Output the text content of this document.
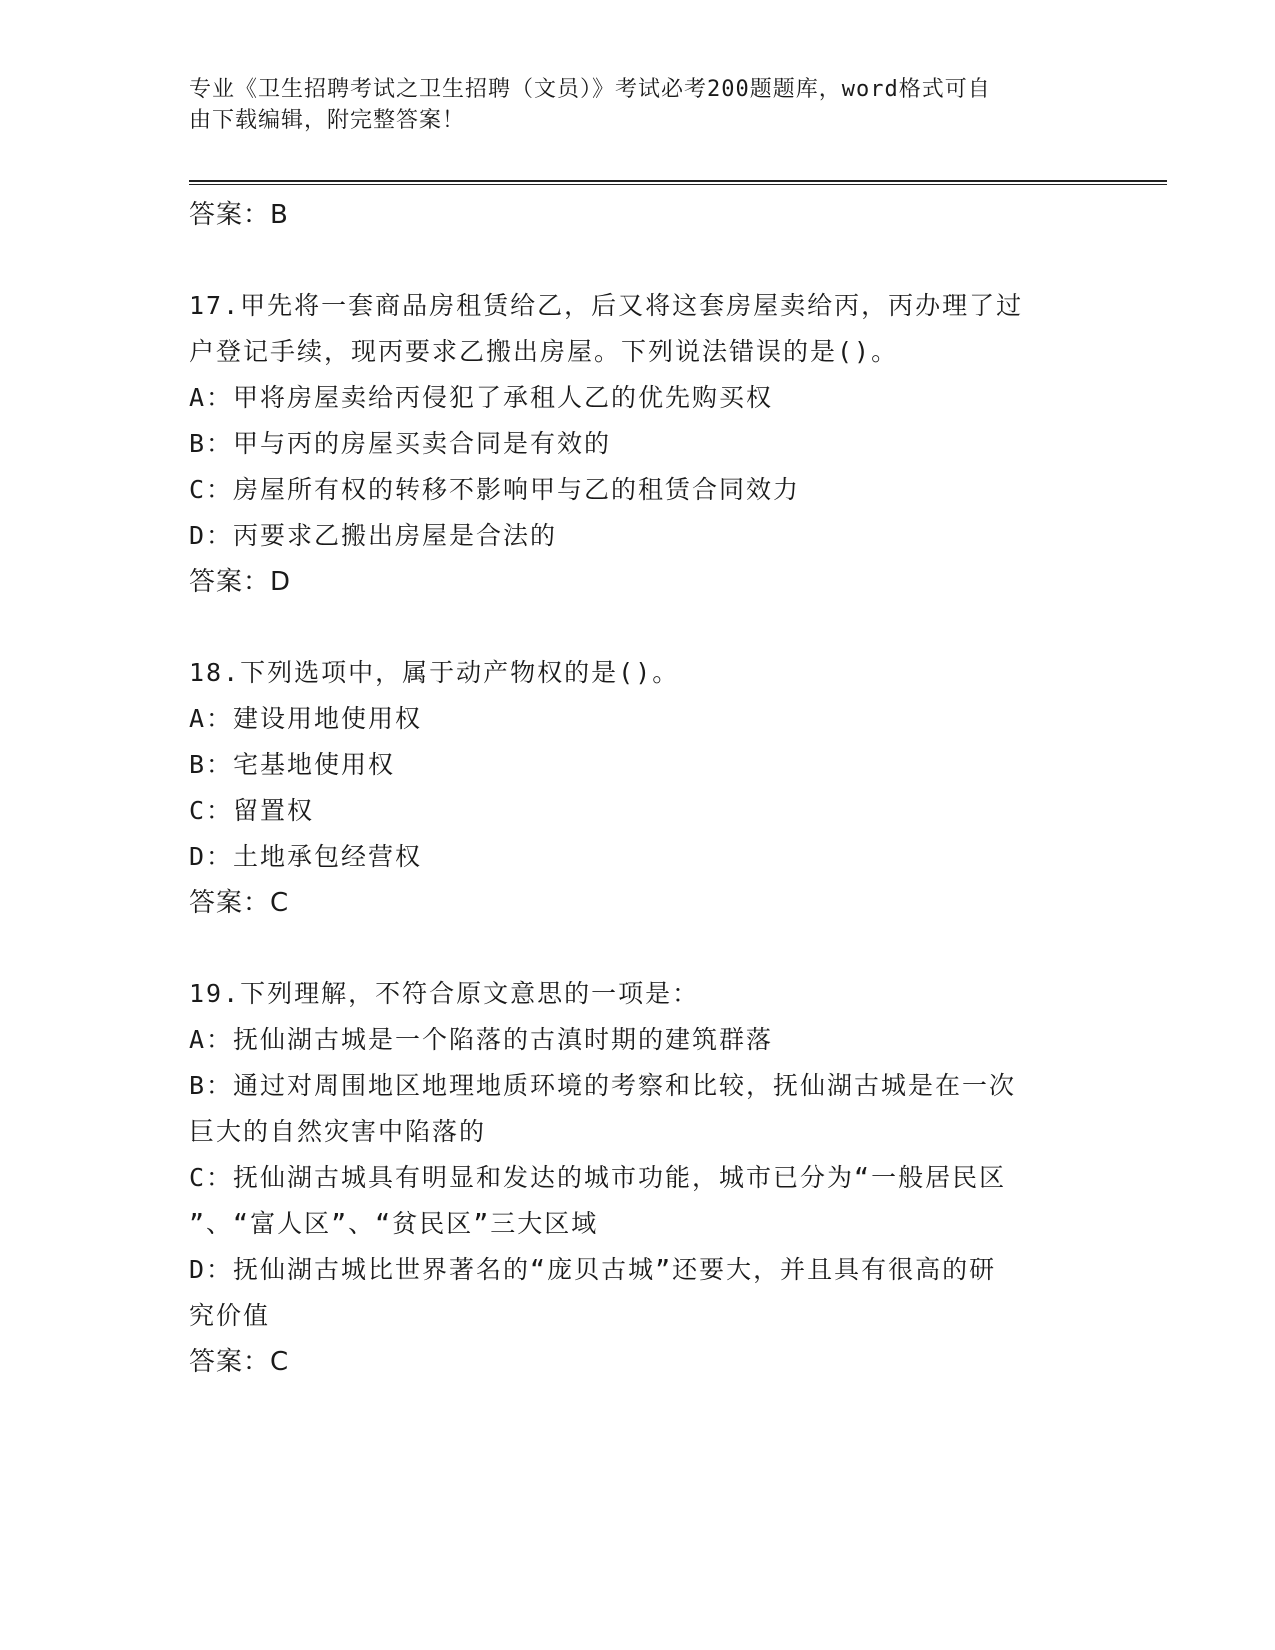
专业《卫生招聘考试之卫生招聘（文员）》考试必考200题题库，word格式可自
由下载编辑，附完整答案！
答案：B
17.甲先将一套商品房租赁给乙，后又将这套房屋卖给丙，丙办理了过
户登记手续，现丙要求乙搬出房屋。下列说法错误的是()。
A：甲将房屋卖给丙侵犯了承租人乙的优先购买权
B：甲与丙的房屋买卖合同是有效的
C：房屋所有权的转移不影响甲与乙的租赁合同效力
D：丙要求乙搬出房屋是合法的
答案：D
18.下列选项中，属于动产物权的是()。
A：建设用地使用权
B：宅基地使用权
C：留置权
D：土地承包经营权
答案：C
19.下列理解，不符合原文意思的一项是：
A：抚仙湖古城是一个陷落的古滇时期的建筑群落
B：通过对周围地区地理地质环境的考察和比较，抚仙湖古城是在一次
巨大的自然灾害中陷落的
C：抚仙湖古城具有明显和发达的城市功能，城市已分为“一般居民区
”、“富人区”、“贫民区”三大区域
D：抚仙湖古城比世界著名的“庞贝古城”还要大，并且具有很高的研
究价值
答案：C
